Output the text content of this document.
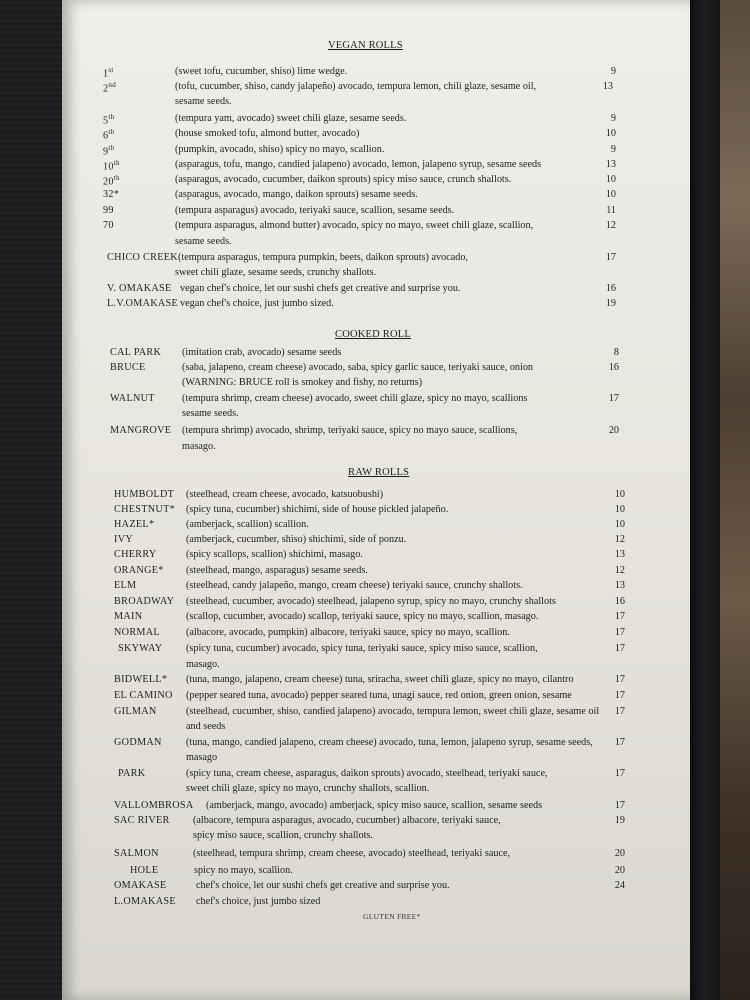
VEGAN ROLLS
1st	(sweet tofu, cucumber, shiso) lime wedge.	9
2nd	(tofu, cucumber, shiso, candy jalapeño) avocado, tempura lemon, chili glaze, sesame oil,	13
sesame seeds.
5th	(tempura yam, avocado) sweet chili glaze, sesame seeds.	9
6th	(house smoked tofu, almond butter, avocado)	10
9th	(pumpkin, avocado, shiso) spicy no mayo, scallion.	9
10th	(asparagus, tofu, mango, candied jalapeno) avocado, lemon, jalapeno syrup, sesame seeds	13
20th	(asparagus, avocado, cucumber, daikon sprouts) spicy miso sauce, crunch shallots.	10
32*	(asparagus, avocado, mango, daikon sprouts) sesame seeds.	10
99	(tempura asparagus) avocado, teriyaki sauce, scallion, sesame seeds.	11
70	(tempura asparagus, almond butter) avocado, spicy no mayo, sweet chili glaze, scallion,	12
sesame seeds.
CHICO CREEK (tempura asparagus, tempura pumpkin, beets, daikon sprouts) avocado,	17
sweet chili glaze, sesame seeds, crunchy shallots.
V. OMAKASE vegan chef's choice, let our sushi chefs get creative and surprise you.	16
L.V.OMAKASE vegan chef's choice, just jumbo sized.	19
COOKED ROLL
CAL PARK (imitation crab, avocado) sesame seeds	8
BRUCE	(saba, jalapeno, cream cheese) avocado, saba, spicy garlic sauce, teriyaki sauce, onion	16
(WARNING: BRUCE roll is smokey and fishy, no returns)
WALNUT	(tempura shrimp, cream cheese) avocado, sweet chili glaze, spicy no mayo, scallions	17
sesame seeds.
MANGROVE (tempura shrimp) avocado, shrimp, teriyaki sauce, spicy no mayo sauce, scallions,	20
masago.
RAW ROLLS
HUMBOLDT (steelhead, cream cheese, avocado, katsuobushi)	10
CHESTNUT* (spicy tuna, cucumber) shichimi, side of house pickled jalapeño.	10
HAZEL*	(amberjack, scallion) scallion.	10
IVY	(amberjack, cucumber, shiso) shichimi, side of ponzu.	12
CHERRY	(spicy scallops, scallion) shichimi, masago.	13
ORANGE* (steelhead, mango, asparagus) sesame seeds.	12
ELM	(steelhead, candy jalapeño, mango, cream cheese) teriyaki sauce, crunchy shallots.	13
BROADWAY (steelhead, cucumber, avocado) steelhead, jalapeno syrup, spicy no mayo, crunchy shallots	16
MAIN	(scallop, cucumber, avocado) scallop, teriyaki sauce, spicy no mayo, scallion, masago.	17
NORMAL	(albacore, avocado, pumpkin) albacore, teriyaki sauce, spicy no mayo, scallion.	17
SKYWAY (spicy tuna, cucumber) avocado, spicy tuna, teriyaki sauce, spicy miso sauce, scallion,	17
masago.
BIDWELL* (tuna, mango, jalapeno, cream cheese) tuna, sriracha, sweet chili glaze, spicy no mayo, cilantro	17
EL CAMINO (pepper seared tuna, avocado) pepper seared tuna, unagi sauce, red onion, green onion, sesame	17
GILMAN	(steelhead, cucumber, shiso, candied jalapeno) avocado, tempura lemon, sweet chili glaze, sesame oil	17
and seeds
GODMAN (tuna, mango, candied jalapeno, cream cheese) avocado, tuna, lemon, jalapeno syrup, sesame seeds,	17
masago
PARK	(spicy tuna, cream cheese, asparagus, daikon sprouts) avocado, steelhead, teriyaki sauce,	17
sweet chili glaze, spicy no mayo, crunchy shallots, scallion.
VALLOMBROSA (amberjack, mango, avocado) amberjack, spicy miso sauce, scallion, sesame seeds	17
SAC RIVER (albacore, tempura asparagus, avocado, cucumber) albacore, teriyaki sauce,	19
spicy miso sauce, scallion, crunchy shallots.
SALMON	(steelhead, tempura shrimp, cream cheese, avocado) steelhead, teriyaki sauce,	20
HOLE	spicy no mayo, scallion.	20
OMAKASE	chef's choice, let our sushi chefs get creative and surprise you.	24
L.OMAKASE chef's choice, just jumbo sized
GLUTEN FREE*
